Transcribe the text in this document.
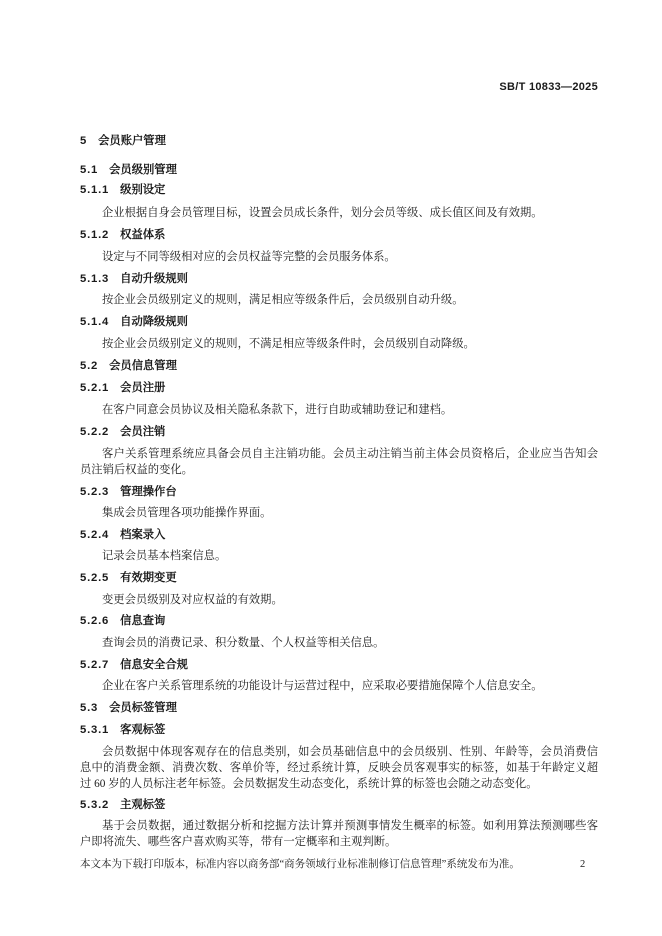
SB/T 10833—2025
5 会员账户管理
5.1 会员级别管理
5.1.1 级别设定
企业根据自身会员管理目标，设置会员成长条件，划分会员等级、成长值区间及有效期。
5.1.2 权益体系
设定与不同等级相对应的会员权益等完整的会员服务体系。
5.1.3 自动升级规则
按企业会员级别定义的规则，满足相应等级条件后，会员级别自动升级。
5.1.4 自动降级规则
按企业会员级别定义的规则，不满足相应等级条件时，会员级别自动降级。
5.2 会员信息管理
5.2.1 会员注册
在客户同意会员协议及相关隐私条款下，进行自助或辅助登记和建档。
5.2.2 会员注销
客户关系管理系统应具备会员自主注销功能。会员主动注销当前主体会员资格后，企业应当告知会
员注销后权益的变化。
5.2.3 管理操作台
集成会员管理各项功能操作界面。
5.2.4 档案录入
记录会员基本档案信息。
5.2.5 有效期变更
变更会员级别及对应权益的有效期。
5.2.6 信息查询
查询会员的消费记录、积分数量、个人权益等相关信息。
5.2.7 信息安全合规
企业在客户关系管理系统的功能设计与运营过程中，应采取必要措施保障个人信息安全。
5.3 会员标签管理
5.3.1 客观标签
会员数据中体现客观存在的信息类别，如会员基础信息中的会员级别、性别、年龄等，会员消费信
息中的消费金额、消费次数、客单价等，经过系统计算，反映会员客观事实的标签，如基于年龄定义超
过 60 岁的人员标注老年标签。会员数据发生动态变化，系统计算的标签也会随之动态变化。
5.3.2 主观标签
基于会员数据，通过数据分析和挖掘方法计算并预测事情发生概率的标签。如利用算法预测哪些客
户即将流失、哪些客户喜欢购买等，带有一定概率和主观判断。
本文本为下载打印版本，标准内容以商务部“商务领域行业标准制修订信息管理”系统发布为准。	2
